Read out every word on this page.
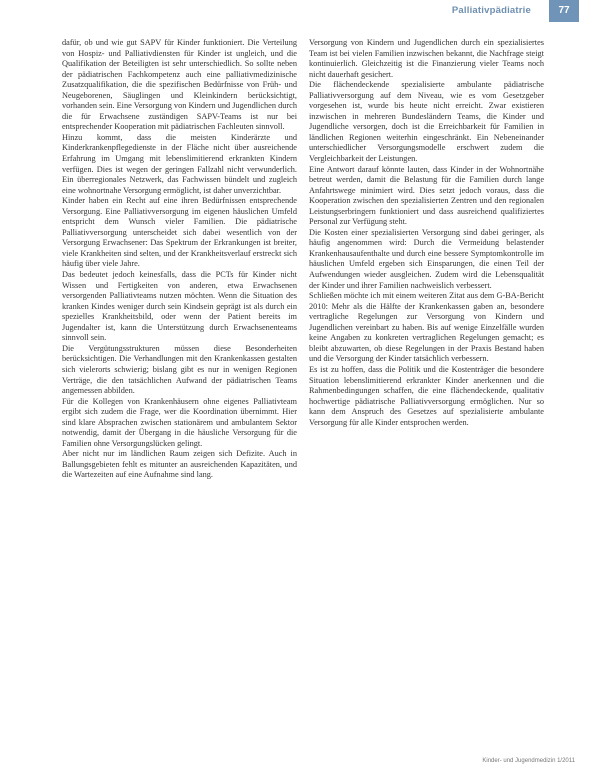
Palliativpädiatrie	77

dafür, ob und wie gut SAPV für Kinder funktioniert. Die Verteilung von Hospiz- und Palliativdiensten für Kinder ist ungleich, und die Qualifikation der Beteiligten ist sehr unterschiedlich. So sollte neben der pädiatrischen Fachkompetenz auch eine palliativmedizinische Zusatzqualifikation, die die spezifischen Bedürfnisse von Früh- und Neugeborenen, Säuglingen und Kleinkindern berücksichtigt, vorhanden sein. Eine Versorgung von Kindern und Jugendlichen durch die für Erwachsene zuständigen SAPV-Teams ist nur bei entsprechender Kooperation mit pädiatrischen Fachleuten sinnvoll.

Hinzu kommt, dass die meisten Kinderärzte und Kinderkrankenpflegedienste in der Fläche nicht über ausreichende Erfahrung im Umgang mit lebenslimitierend erkrankten Kindern verfügen. Dies ist wegen der geringen Fallzahl nicht verwunderlich. Ein überregionales Netzwerk, das Fachwissen bündelt und zugleich eine wohnortnahe Versorgung ermöglicht, ist daher unverzichtbar.

Kinder haben ein Recht auf eine ihren Bedürfnissen entsprechende Versorgung. Eine Palliativversorgung im eigenen häuslichen Umfeld entspricht dem Wunsch vieler Familien. Die pädiatrische Palliativversorgung unterscheidet sich dabei wesentlich von der Versorgung Erwachsener: Das Spektrum der Erkrankungen ist breiter, viele Krankheiten sind selten, und der Krankheitsverlauf erstreckt sich häufig über viele Jahre.

Das bedeutet jedoch keinesfalls, dass die PCTs für Kinder nicht Wissen und Fertigkeiten von anderen, etwa Erwachsenen versorgenden Palliativteams nutzen möchten. Wenn die Situation des kranken Kindes weniger durch sein Kindsein geprägt ist als durch ein spezielles Krankheitsbild, oder wenn der Patient bereits im Jugendalter ist, kann die Unterstützung durch Erwachsenenteams sinnvoll sein.

Die Vergütungsstrukturen müssen diese Besonderheiten berücksichtigen. Die Verhandlungen mit den Krankenkassen gestalten sich vielerorts schwierig; bislang gibt es nur in wenigen Regionen Verträge, die den tatsächlichen Aufwand der pädiatrischen Teams angemessen abbilden.

Für die Kollegen von Krankenhäusern ohne eigenes Palliativteam ergibt sich zudem die Frage, wer die Koordination übernimmt. Hier sind klare Absprachen zwischen stationärem und ambulantem Sektor notwendig, damit der Übergang in die häusliche Versorgung für die Familien ohne Versorgungslücken gelingt.

Aber nicht nur im ländlichen Raum zeigen sich Defizite. Auch in Ballungsgebieten fehlt es mitunter an ausreichenden Kapazitäten, und die Wartezeiten auf eine Aufnahme sind lang.

Versorgung von Kindern und Jugendlichen durch ein spezialisiertes Team ist bei vielen Familien inzwischen bekannt, die Nachfrage steigt kontinuierlich. Gleichzeitig ist die Finanzierung vieler Teams noch nicht dauerhaft gesichert.

Die flächendeckende spezialisierte ambulante pädiatrische Palliativversorgung auf dem Niveau, wie es vom Gesetzgeber vorgesehen ist, wurde bis heute nicht erreicht. Zwar existieren inzwischen in mehreren Bundesländern Teams, die Kinder und Jugendliche versorgen, doch ist die Erreichbarkeit für Familien in ländlichen Regionen weiterhin eingeschränkt. Ein Nebeneinander unterschiedlicher Versorgungsmodelle erschwert zudem die Vergleichbarkeit der Leistungen.

Eine Antwort darauf könnte lauten, dass Kinder in der Wohnortnähe betreut werden, damit die Belastung für die Familien durch lange Anfahrtswege minimiert wird. Dies setzt jedoch voraus, dass die Kooperation zwischen den spezialisierten Zentren und den regionalen Leistungserbringern funktioniert und dass ausreichend qualifiziertes Personal zur Verfügung steht.

Die Kosten einer spezialisierten Versorgung sind dabei geringer, als häufig angenommen wird: Durch die Vermeidung belastender Krankenhausaufenthalte und durch eine bessere Symptomkontrolle im häuslichen Umfeld ergeben sich Einsparungen, die einen Teil der Aufwendungen wieder ausgleichen. Zudem wird die Lebensqualität der Kinder und ihrer Familien nachweislich verbessert.

Schließen möchte ich mit einem weiteren Zitat aus dem G-BA-Bericht 2010: Mehr als die Hälfte der Krankenkassen gaben an, besondere vertragliche Regelungen zur Versorgung von Kindern und Jugendlichen vereinbart zu haben. Bis auf wenige Einzelfälle wurden keine Angaben zu konkreten vertraglichen Regelungen gemacht; es bleibt abzuwarten, ob diese Regelungen in der Praxis Bestand haben und die Versorgung der Kinder tatsächlich verbessern.

Es ist zu hoffen, dass die Politik und die Kostenträger die besondere Situation lebenslimitierend erkrankter Kinder anerkennen und die Rahmenbedingungen schaffen, die eine flächendeckende, qualitativ hochwertige pädiatrische Palliativversorgung ermöglichen. Nur so kann dem Anspruch des Gesetzes auf spezialisierte ambulante Versorgung für alle Kinder entsprochen werden.

Kinder- und Jugendmedizin 1/2011
